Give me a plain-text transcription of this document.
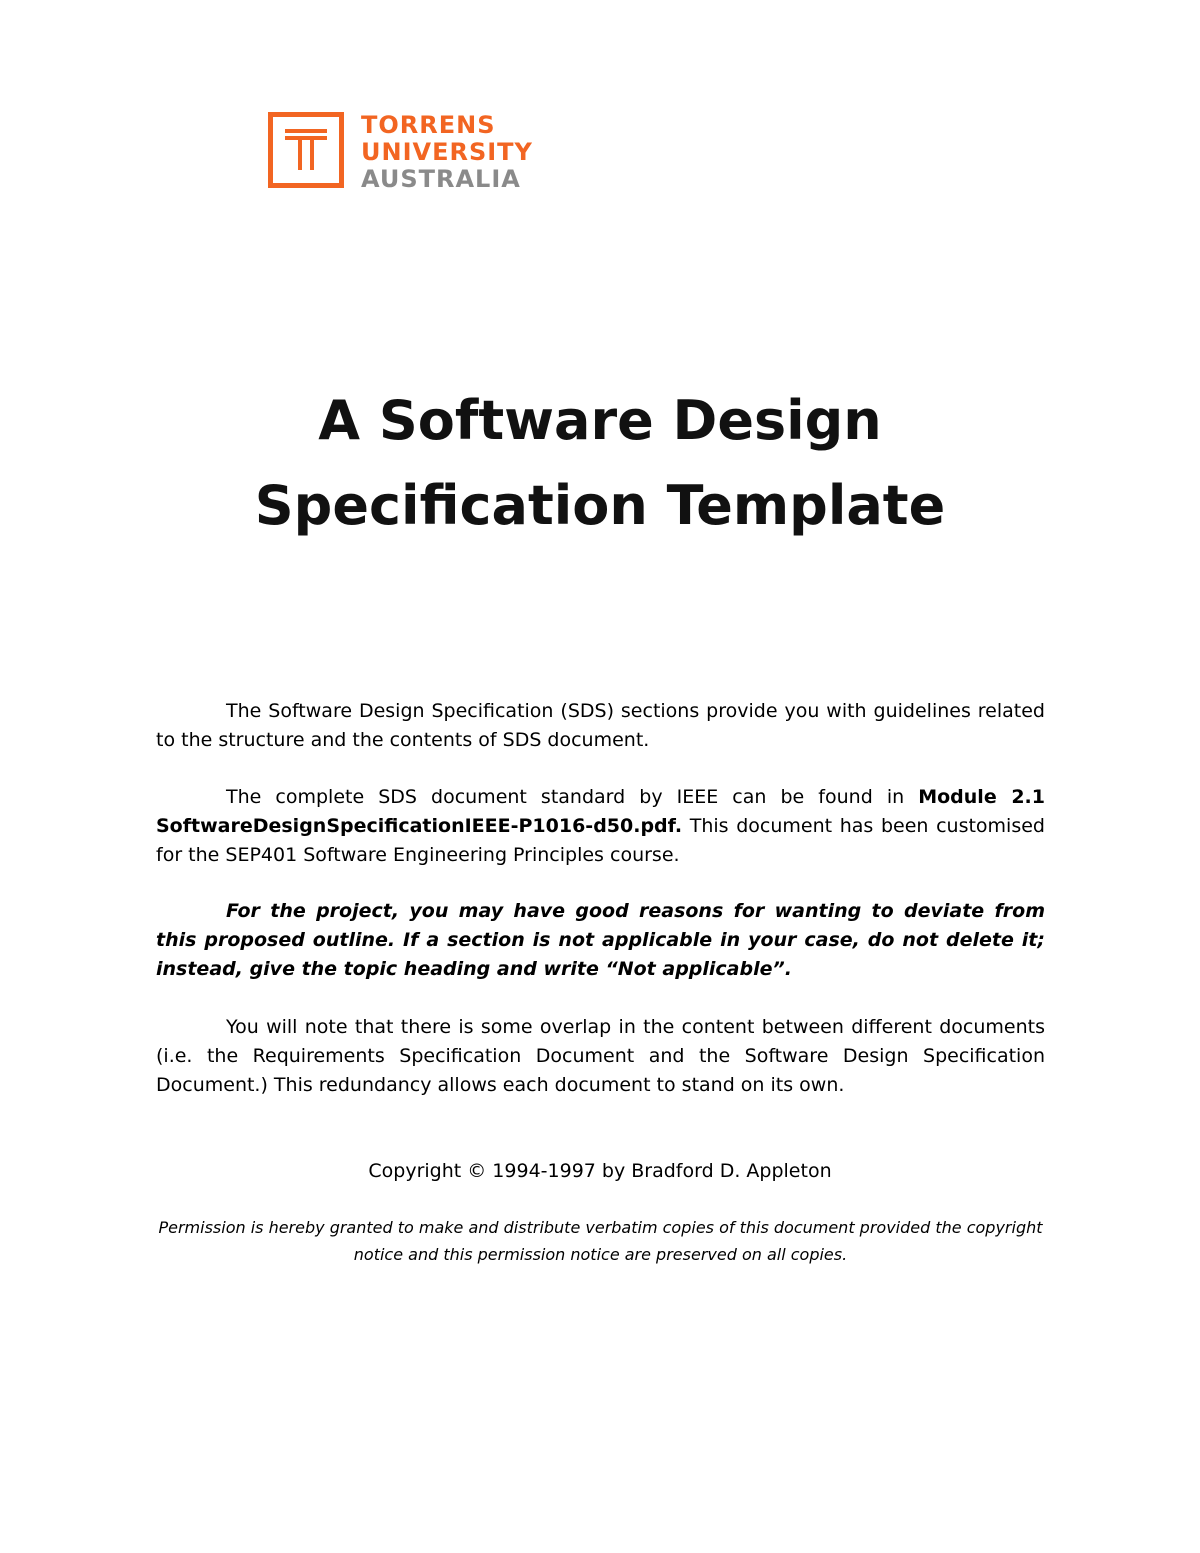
TORRENS
UNIVERSITY
AUSTRALIA
A Software Design
Specification Template
The Software Design Specification (SDS) sections provide you with guidelines related to the structure and the contents of SDS document.
The complete SDS document standard by IEEE can be found in Module 2.1 SoftwareDesignSpecificationIEEE-P1016-d50.pdf. This document has been customised for the SEP401 Software Engineering Principles course.
For the project, you may have good reasons for wanting to deviate from this proposed outline. If a section is not applicable in your case, do not delete it; instead, give the topic heading and write “Not applicable”.
You will note that there is some overlap in the content between different documents (i.e. the Requirements Specification Document and the Software Design Specification Document.) This redundancy allows each document to stand on its own.
Copyright © 1994-1997 by Bradford D. Appleton
Permission is hereby granted to make and distribute verbatim copies of this document provided the copyright notice and this permission notice are preserved on all copies.
